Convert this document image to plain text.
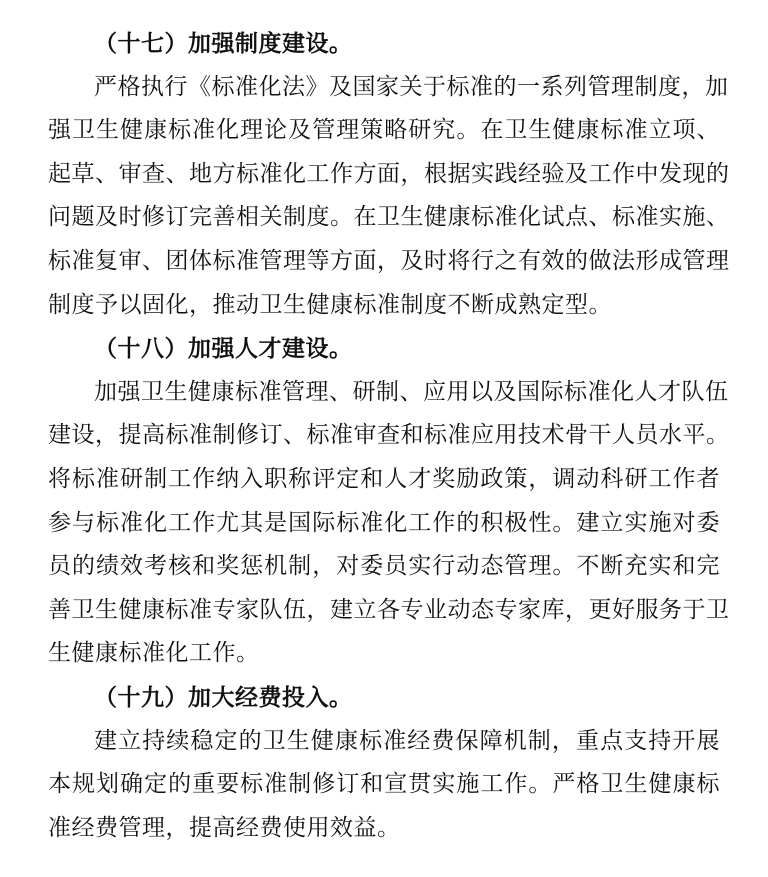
（十七）加强制度建设。
严格执行《标准化法》及国家关于标准的一系列管理制度，加
强卫生健康标准化理论及管理策略研究。在卫生健康标准立项、
起草、审查、地方标准化工作方面，根据实践经验及工作中发现的
问题及时修订完善相关制度。在卫生健康标准化试点、标准实施、
标准复审、团体标准管理等方面，及时将行之有效的做法形成管理
制度予以固化，推动卫生健康标准制度不断成熟定型。
（十八）加强人才建设。
加强卫生健康标准管理、研制、应用以及国际标准化人才队伍
建设，提高标准制修订、标准审查和标准应用技术骨干人员水平。
将标准研制工作纳入职称评定和人才奖励政策，调动科研工作者
参与标准化工作尤其是国际标准化工作的积极性。建立实施对委
员的绩效考核和奖惩机制，对委员实行动态管理。不断充实和完
善卫生健康标准专家队伍，建立各专业动态专家库，更好服务于卫
生健康标准化工作。
（十九）加大经费投入。
建立持续稳定的卫生健康标准经费保障机制，重点支持开展
本规划确定的重要标准制修订和宣贯实施工作。严格卫生健康标
准经费管理，提高经费使用效益。
